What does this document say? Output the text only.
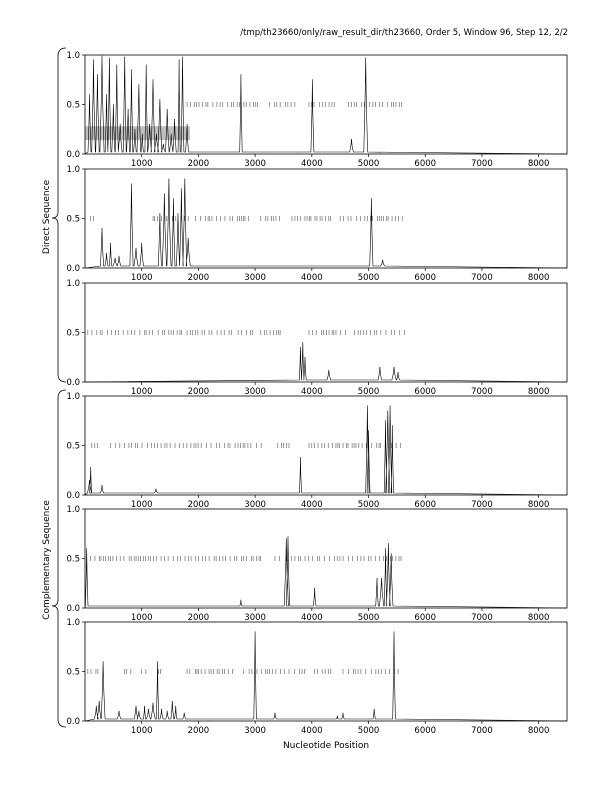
/tmp/th23660/only/raw_result_dir/th23660, Order 5, Window 96, Step 12, 2/2
0.0
0.5
1.0
1000	2000	3000	4000	5000	6000	7000	8000
0.0
0.5
1.0
1000	2000	3000	4000	5000	6000	7000	8000
0.0
0.5
1.0
1000	2000	3000	4000	5000	6000	7000	8000
0.0
0.5
1.0
1000	2000	3000	4000	5000	6000	7000	8000
0.0
0.5
1.0
1000	2000	3000	4000	5000	6000	7000	8000
0.0
0.5
1.0
1000	2000	3000	4000	5000	6000	7000	8000
Direct Sequence
Complementary Sequence
Nucleotide Position
